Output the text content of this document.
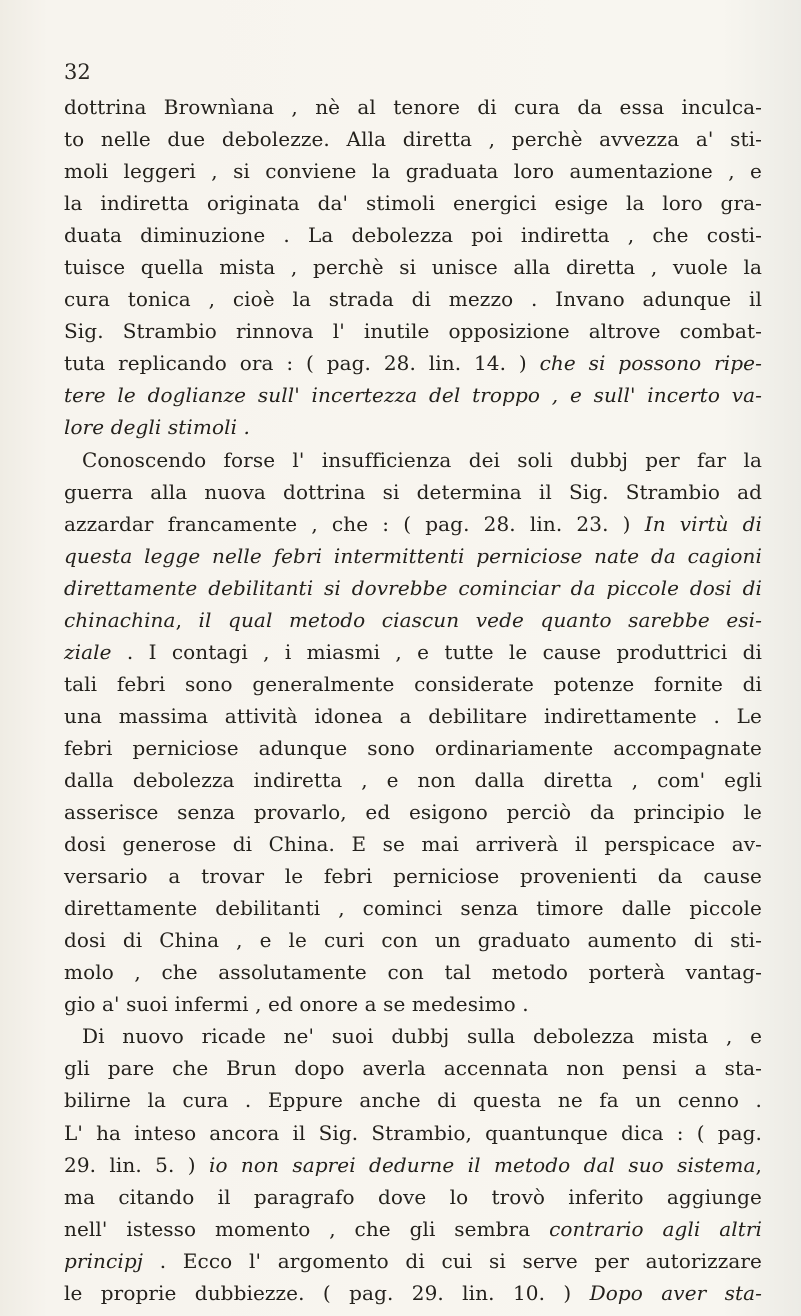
32
dottrina Brownìana , nè al tenore di cura da essa inculca-
to nelle due debolezze. Alla diretta , perchè avvezza a' sti-
moli leggeri , si conviene la graduata loro aumentazione , e
la indiretta originata da' stimoli energici esige la loro gra-
duata diminuzione . La debolezza poi indiretta , che costi-
tuisce quella mista , perchè si unisce alla diretta , vuole la
cura tonica , cioè la strada di mezzo . Invano adunque il
Sig. Strambio rinnova l' inutile opposizione altrove combat-
tuta replicando ora : ( pag. 28. lin. 14. ) che si possono ripe-
tere le doglianze sull' incertezza del troppo , e sull' incerto va-
lore degli stimoli .
Conoscendo forse l' insufficienza dei soli dubbj per far la
guerra alla nuova dottrina si determina il Sig. Strambio ad
azzardar francamente , che : ( pag. 28. lin. 23. ) In virtù di
questa legge nelle febri intermittenti perniciose nate da cagioni
direttamente debilitanti si dovrebbe cominciar da piccole dosi di
chinachina, il qual metodo ciascun vede quanto sarebbe esi-
ziale . I contagi , i miasmi , e tutte le cause produttrici di
tali febri sono generalmente considerate potenze fornite di
una massima attività idonea a debilitare indirettamente . Le
febri perniciose adunque sono ordinariamente accompagnate
dalla debolezza indiretta , e non dalla diretta , com' egli
asserisce senza provarlo, ed esigono perciò da principio le
dosi generose di China. E se mai arriverà il perspicace av-
versario a trovar le febri perniciose provenienti da cause
direttamente debilitanti , cominci senza timore dalle piccole
dosi di China , e le curi con un graduato aumento di sti-
molo , che assolutamente con tal metodo porterà vantag-
gio a' suoi infermi , ed onore a se medesimo .
Di nuovo ricade ne' suoi dubbj sulla debolezza mista , e
gli pare che Brun dopo averla accennata non pensi a sta-
bilirne la cura . Eppure anche di questa ne fa un cenno .
L' ha inteso ancora il Sig. Strambio, quantunque dica : ( pag.
29. lin. 5. ) io non saprei dedurne il metodo dal suo sistema,
ma citando il paragrafo dove lo trovò inferito aggiunge
nell' istesso momento , che gli sembra contrario agli altri
principj . Ecco l' argomento di cui si serve per autorizzare
le proprie dubbiezze. ( pag. 29. lin. 10. ) Dopo aver sta-
